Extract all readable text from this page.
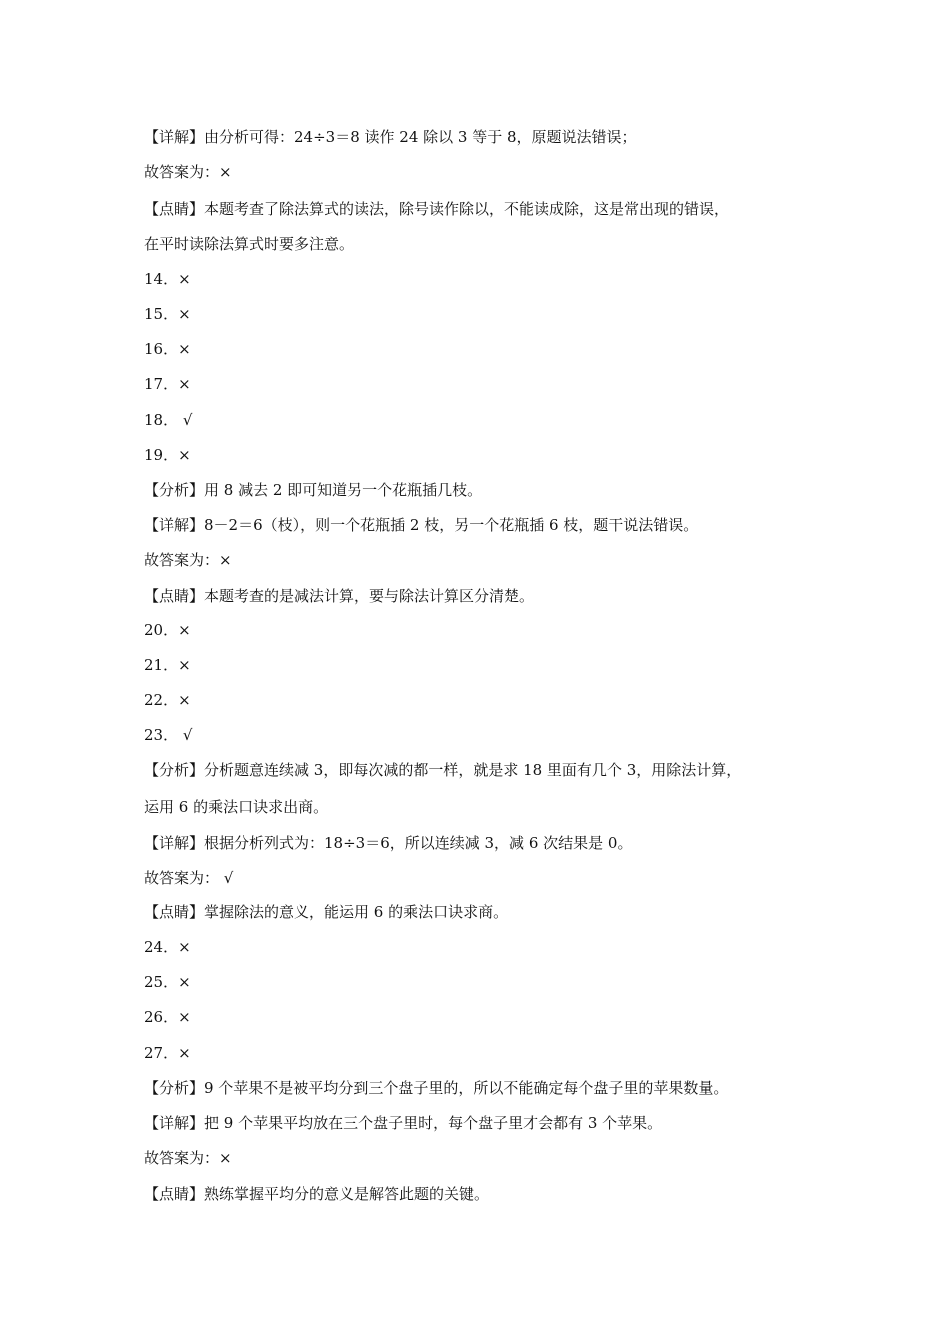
【详解】由分析可得：24÷3＝8 读作 24 除以 3 等于 8，原题说法错误；
故答案为：×
【点睛】本题考查了除法算式的读法，除号读作除以，不能读成除，这是常出现的错误，
在平时读除法算式时要多注意。
14．×
15．×
16．×
17．×
18． √
19．×
【分析】用 8 减去 2 即可知道另一个花瓶插几枝。
【详解】8－2＝6（枝），则一个花瓶插 2 枝，另一个花瓶插 6 枝，题干说法错误。
故答案为：×
【点睛】本题考查的是减法计算，要与除法计算区分清楚。
20．×
21．×
22．×
23． √
【分析】分析题意连续减 3，即每次减的都一样，就是求 18 里面有几个 3，用除法计算，
运用 6 的乘法口诀求出商。
【详解】根据分析列式为：18÷3＝6，所以连续减 3，减 6 次结果是 0。
故答案为： √
【点睛】掌握除法的意义，能运用 6 的乘法口诀求商。
24．×
25．×
26．×
27．×
【分析】9 个苹果不是被平均分到三个盘子里的，所以不能确定每个盘子里的苹果数量。
【详解】把 9 个苹果平均放在三个盘子里时，每个盘子里才会都有 3 个苹果。
故答案为：×
【点睛】熟练掌握平均分的意义是解答此题的关键。
